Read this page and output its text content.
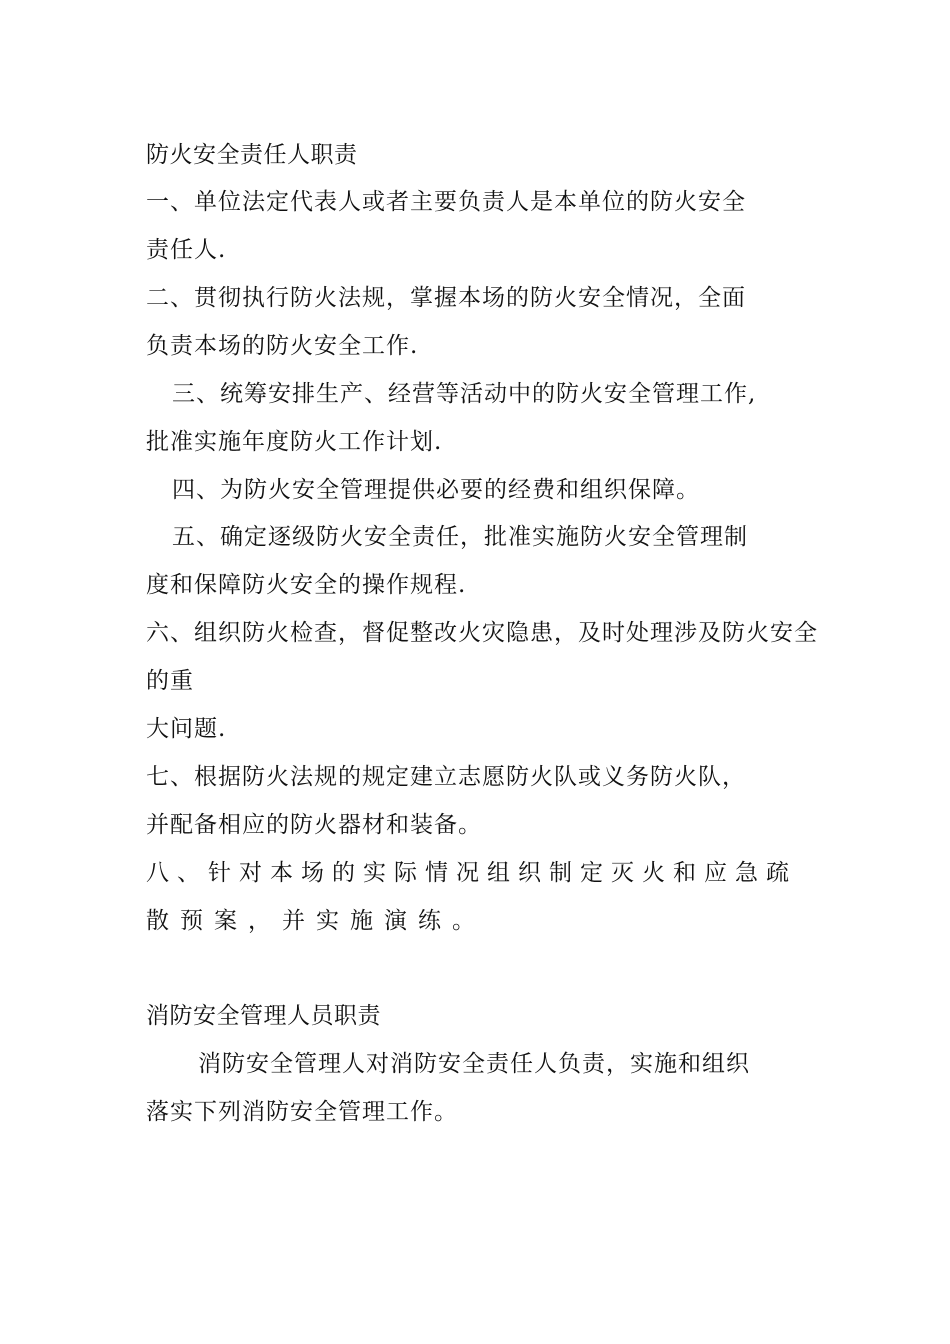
防火安全责任人职责
一、单位法定代表人或者主要负责人是本单位的防火安全
责任人.
二、贯彻执行防火法规，掌握本场的防火安全情况，全面
负责本场的防火安全工作.
三、统筹安排生产、经营等活动中的防火安全管理工作,
批准实施年度防火工作计划.
四、为防火安全管理提供必要的经费和组织保障。
五、确定逐级防火安全责任，批准实施防火安全管理制
度和保障防火安全的操作规程.
六、组织防火检查，督促整改火灾隐患，及时处理涉及防火安全
的重
大问题.
七、根据防火法规的规定建立志愿防火队或义务防火队，
并配备相应的防火器材和装备。
八、针对本场的实际情况组织制定灭火和应急疏
散预案，并实施演练。
消防安全管理人员职责
消防安全管理人对消防安全责任人负责，实施和组织
落实下列消防安全管理工作。
